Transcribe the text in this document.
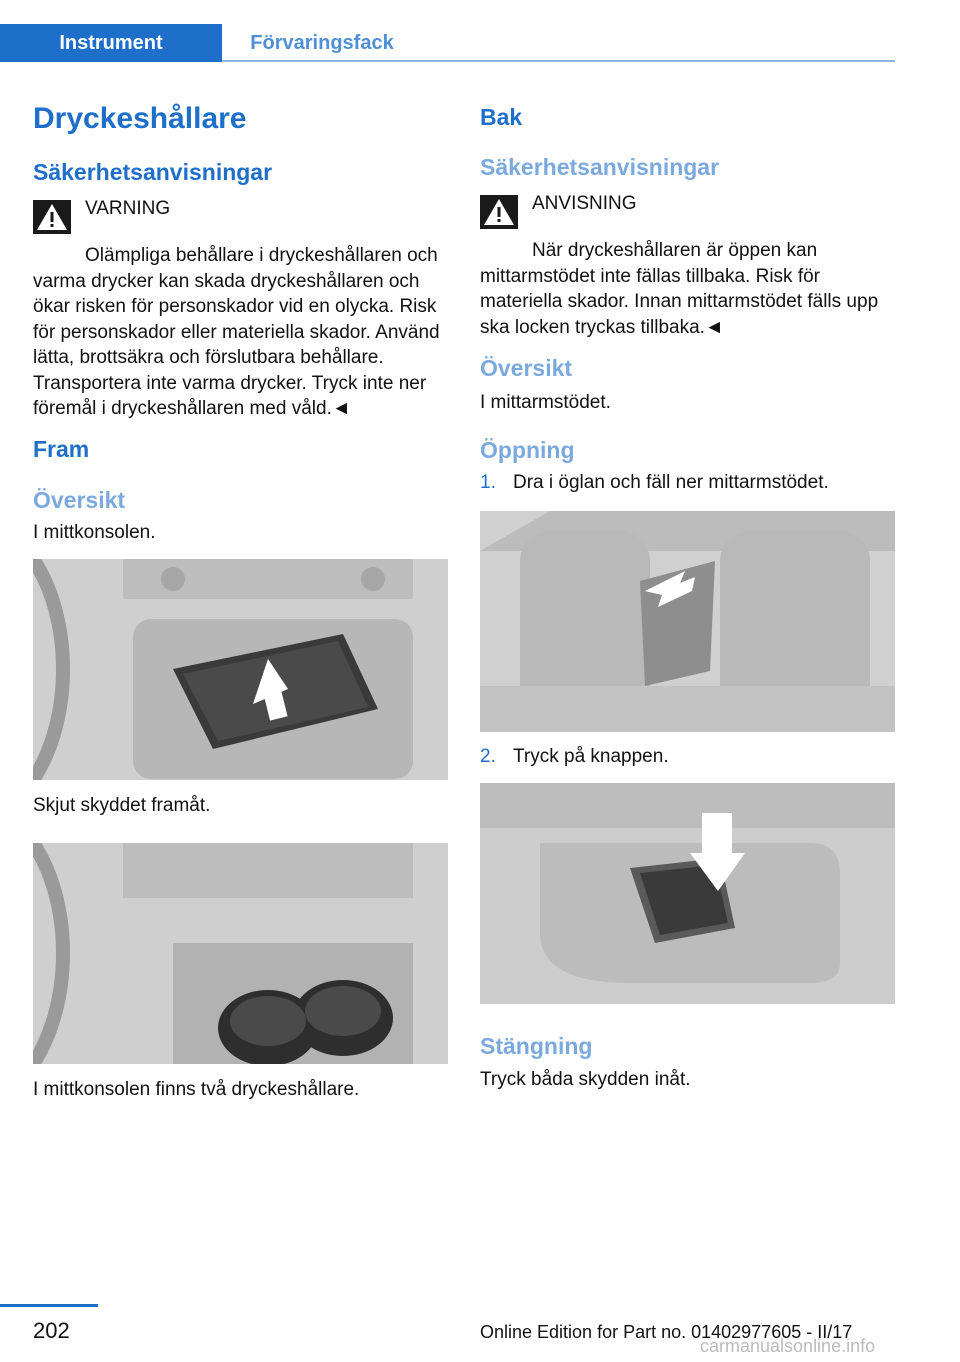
Instrument	Förvaringsfack
Dryckeshållare
Säkerhetsanvisningar
VARNING

Olämpliga behållare i dryckeshållaren och varma drycker kan skada dryckeshållaren och ökar risken för personskador vid en olycka. Risk för personskador eller materiella skador. Använd lätta, brottsäkra och förslutbara behållare. Transportera inte varma drycker. Tryck inte ner föremål i dryckeshållaren med våld.◄

Fram
Översikt

I mittkonsolen.

Skjut skyddet framåt.

I mittkonsolen finns två dryckeshållare.

Bak
Säkerhetsanvisningar
ANVISNING

När dryckeshållaren är öppen kan mittarmstödet inte fällas tillbaka. Risk för materiella skador. Innan mittarmstödet fälls upp ska locken tryckas tillbaka.◄

Översikt

I mittarmstödet.

Öppning
1. Dra i öglan och fäll ner mittarmstödet.
2. Tryck på knappen.
Stängning

Tryck båda skydden inåt.

202	Online Edition for Part no. 01402977605 - II/17
carmanualsonline.info
